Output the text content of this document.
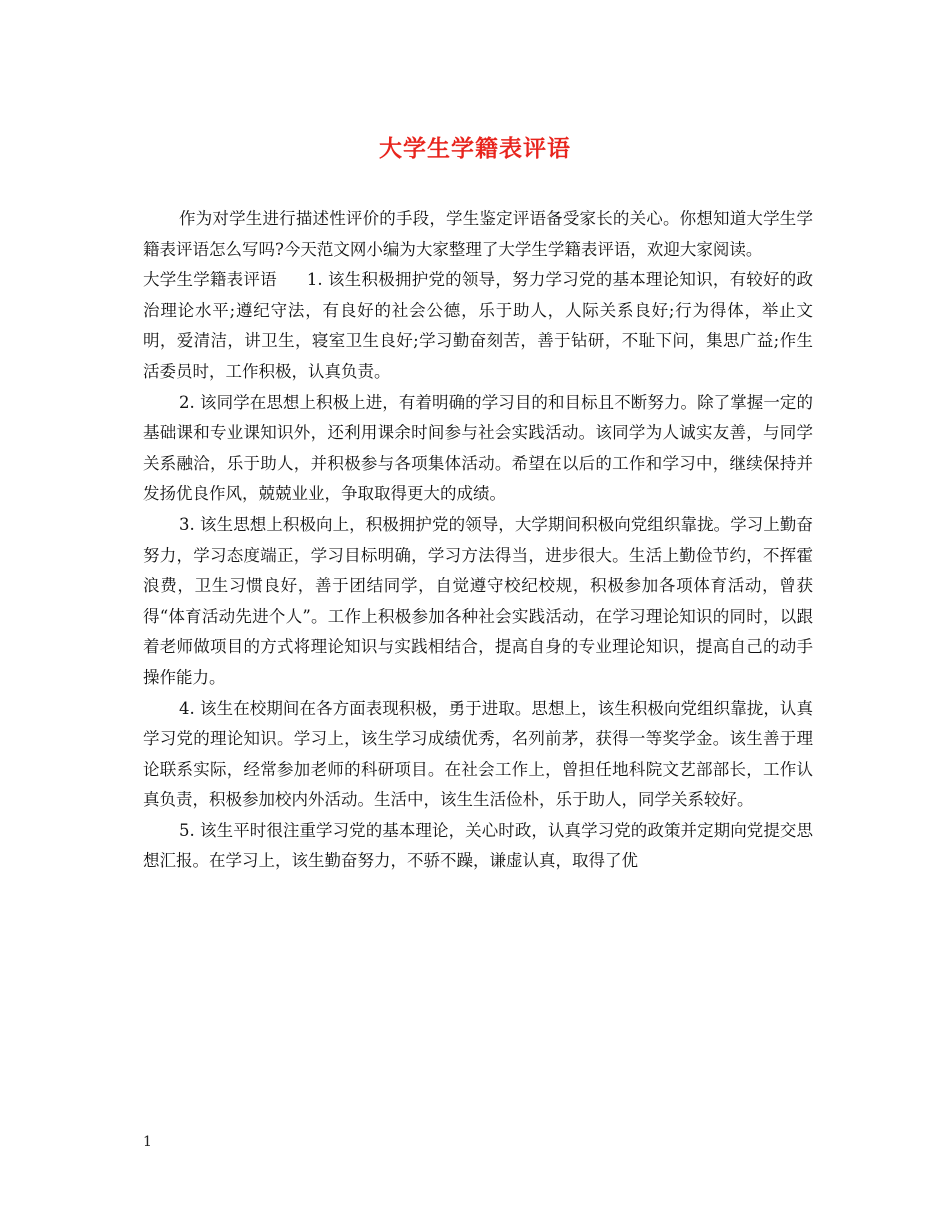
大学生学籍表评语

作为对学生进行描述性评价的手段，学生鉴定评语备受家长的关心。你想知道大学生学籍表评语怎么写吗?今天范文网小编为大家整理了大学生学籍表评语，欢迎大家阅读。

大学生学籍表评语 1. 该生积极拥护党的领导，努力学习党的基本理论知识，有较好的政治理论水平;遵纪守法，有良好的社会公德，乐于助人，人际关系良好;行为得体，举止文明，爱清洁，讲卫生，寝室卫生良好;学习勤奋刻苦，善于钻研，不耻下问，集思广益;作生活委员时，工作积极，认真负责。

2. 该同学在思想上积极上进，有着明确的学习目的和目标且不断努力。除了掌握一定的基础课和专业课知识外，还利用课余时间参与社会实践活动。该同学为人诚实友善，与同学关系融洽，乐于助人，并积极参与各项集体活动。希望在以后的工作和学习中，继续保持并发扬优良作风，兢兢业业，争取取得更大的成绩。

3. 该生思想上积极向上，积极拥护党的领导，大学期间积极向党组织靠拢。学习上勤奋努力，学习态度端正，学习目标明确，学习方法得当，进步很大。生活上勤俭节约，不挥霍浪费，卫生习惯良好，善于团结同学，自觉遵守校纪校规，积极参加各项体育活动，曾获得“体育活动先进个人”。工作上积极参加各种社会实践活动，在学习理论知识的同时，以跟着老师做项目的方式将理论知识与实践相结合，提高自身的专业理论知识，提高自己的动手操作能力。

4. 该生在校期间在各方面表现积极，勇于进取。思想上，该生积极向党组织靠拢，认真学习党的理论知识。学习上，该生学习成绩优秀，名列前茅，获得一等奖学金。该生善于理论联系实际，经常参加老师的科研项目。在社会工作上，曾担任地科院文艺部部长，工作认真负责，积极参加校内外活动。生活中，该生生活俭朴，乐于助人，同学关系较好。

5. 该生平时很注重学习党的基本理论，关心时政，认真学习党的政策并定期向党提交思想汇报。在学习上，该生勤奋努力，不骄不躁，谦虚认真，取得了优

1
